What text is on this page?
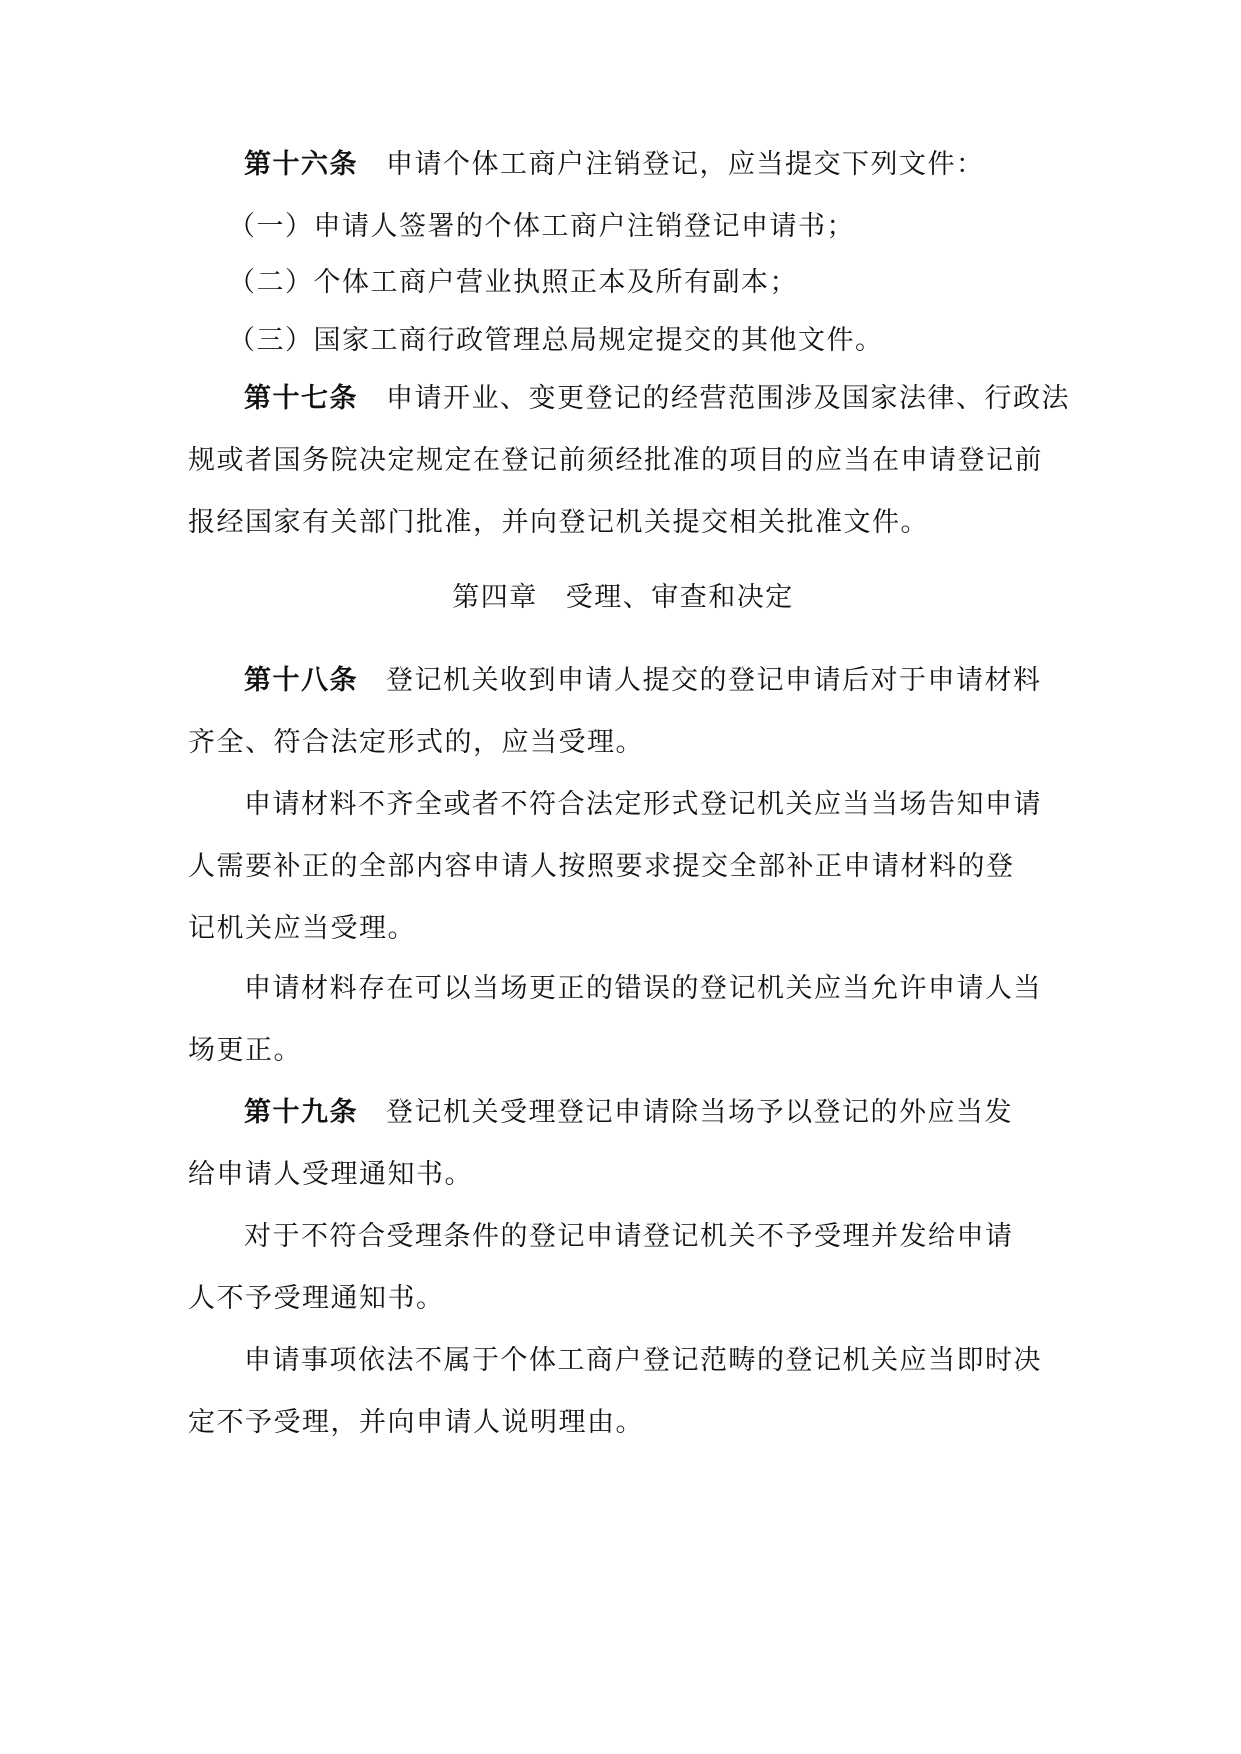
第十六条 申请个体工商户注销登记，应当提交下列文件：

（一）申请人签署的个体工商户注销登记申请书；

（二）个体工商户营业执照正本及所有副本；

（三）国家工商行政管理总局规定提交的其他文件。

第十七条 申请开业、变更登记的经营范围涉及国家法律、行政法
规或者国务院决定规定在登记前须经批准的项目的应当在申请登记前
报经国家有关部门批准，并向登记机关提交相关批准文件。
第四章 受理、审查和决定
第十八条 登记机关收到申请人提交的登记申请后对于申请材料
齐全、符合法定形式的，应当受理。
申请材料不齐全或者不符合法定形式登记机关应当当场告知申请
人需要补正的全部内容申请人按照要求提交全部补正申请材料的登
记机关应当受理。
申请材料存在可以当场更正的错误的登记机关应当允许申请人当
场更正。
第十九条 登记机关受理登记申请除当场予以登记的外应当发
给申请人受理通知书。
对于不符合受理条件的登记申请登记机关不予受理并发给申请
人不予受理通知书。
申请事项依法不属于个体工商户登记范畴的登记机关应当即时决
定不予受理，并向申请人说明理由。
